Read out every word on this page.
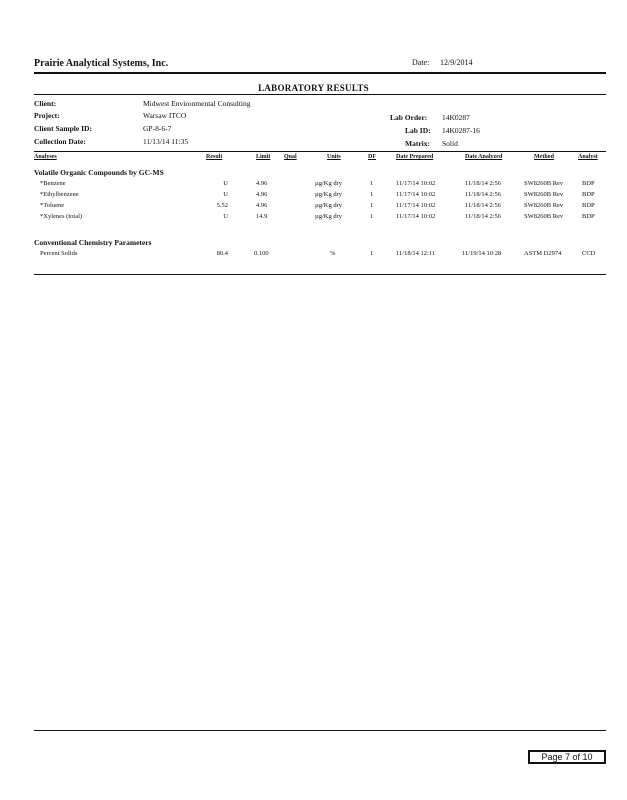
Prairie Analytical Systems, Inc.	Date: 12/9/2014
LABORATORY RESULTS
Client:	Midwest Environmental Consulting
Project:	Warsaw ITCO
Client Sample ID:	GP-8-6-7
Collection Date:	11/13/14 11:35
Lab Order: 14K0287
Lab ID: 14K0287-16
Matrix: Solid
Analyses	Result	Limit Qual	Units	DF	Date Prepared	Date Analyzed	Method	Analyst
Volatile Organic Compounds by GC-MS
*Benzene	U	4.96	µg/Kg dry	1	11/17/14 10:02	11/18/14 2:56	SW8260B Rev	BDP
*Ethylbenzene	U	4.96	µg/Kg dry	1	11/17/14 10:02	11/18/14 2:56	SW8260B Rev	BDP
*Toluene	5.52	4.96	µg/Kg dry	1	11/17/14 10:02	11/18/14 2:56	SW8260B Rev	BDP
*Xylenes (total)	U	14.9	µg/Kg dry	1	11/17/14 10:02	11/18/14 2:56	SW8260B Rev	BDP
Conventional Chemistry Parameters
Percent Solids	80.4	0.100	%	1	11/18/14 12:11	11/19/14 10:28	ASTM D2974	CCD
Page 7 of 10
